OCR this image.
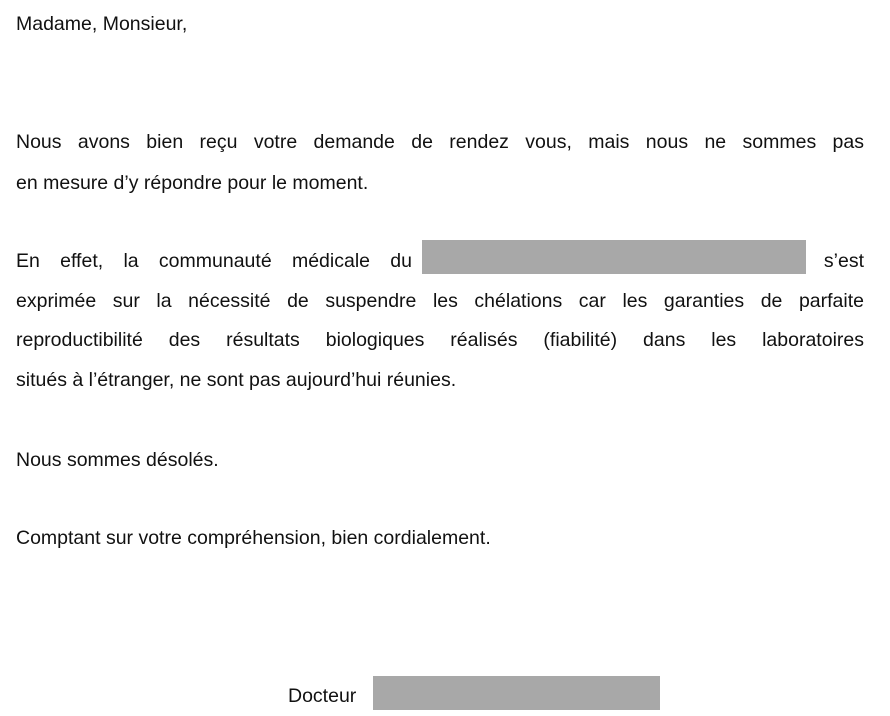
Madame, Monsieur,
Nous avons bien reçu votre demande de rendez vous, mais nous ne sommes pas
en mesure d’y répondre pour le moment.
En effet, la communauté médicale du	s’est
exprimée sur la nécessité de suspendre les chélations car les garanties de parfaite
reproductibilité des résultats biologiques réalisés (fiabilité) dans les laboratoires
situés à l’étranger, ne sont pas aujourd’hui réunies.
Nous sommes désolés.
Comptant sur votre compréhension, bien cordialement.
Docteur
